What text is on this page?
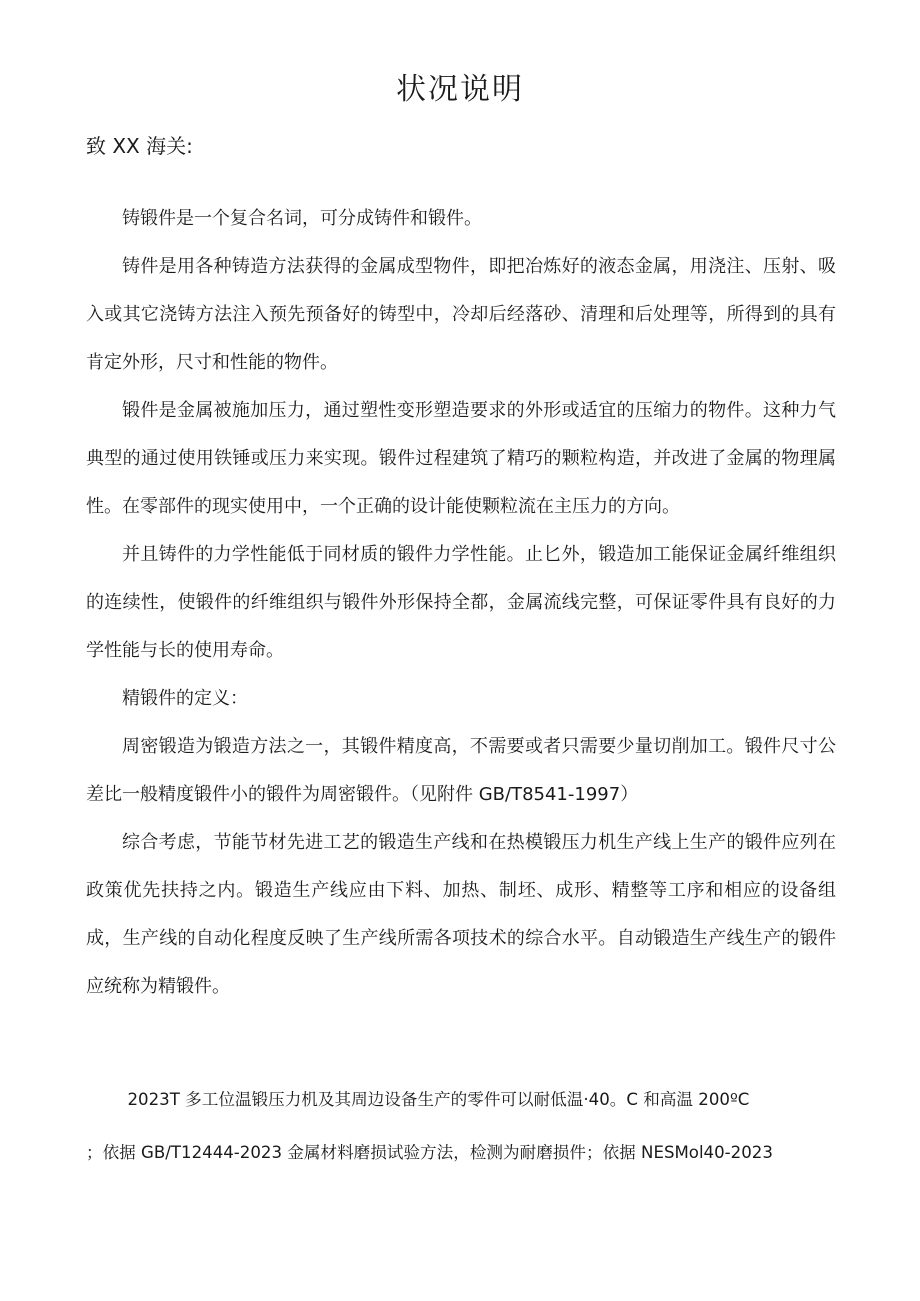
状况说明
致 XX 海关:

铸锻件是一个复合名词，可分成铸件和锻件。

铸件是用各种铸造方法获得的金属成型物件，即把冶炼好的液态金属，用浇注、压射、吸入或其它浇铸方法注入预先预备好的铸型中，冷却后经落砂、清理和后处理等，所得到的具有肯定外形，尺寸和性能的物件。

锻件是金属被施加压力，通过塑性变形塑造要求的外形或适宜的压缩力的物件。这种力气典型的通过使用铁锤或压力来实现。锻件过程建筑了精巧的颗粒构造，并改进了金属的物理属性。在零部件的现实使用中，一个正确的设计能使颗粒流在主压力的方向。

并且铸件的力学性能低于同材质的锻件力学性能。止匕外，锻造加工能保证金属纤维组织的连续性，使锻件的纤维组织与锻件外形保持全都，金属流线完整，可保证零件具有良好的力学性能与长的使用寿命。

精锻件的定义：

周密锻造为锻造方法之一，其锻件精度高，不需要或者只需要少量切削加工。锻件尺寸公差比一般精度锻件小的锻件为周密锻件。（见附件 GB/T8541-1997）

综合考虑，节能节材先进工艺的锻造生产线和在热模锻压力机生产线上生产的锻件应列在政策优先扶持之内。锻造生产线应由下料、加热、制坯、成形、精整等工序和相应的设备组成，生产线的自动化程度反映了生产线所需各项技术的综合水平。自动锻造生产线生产的锻件应统称为精锻件。

2023T 多工位温锻压力机及其周边设备生产的零件可以耐低温·40。C 和高温 200ºC
；依据 GB/T12444-2023 金属材料磨损试验方法，检测为耐磨损件；依据 NESMol40-2023
